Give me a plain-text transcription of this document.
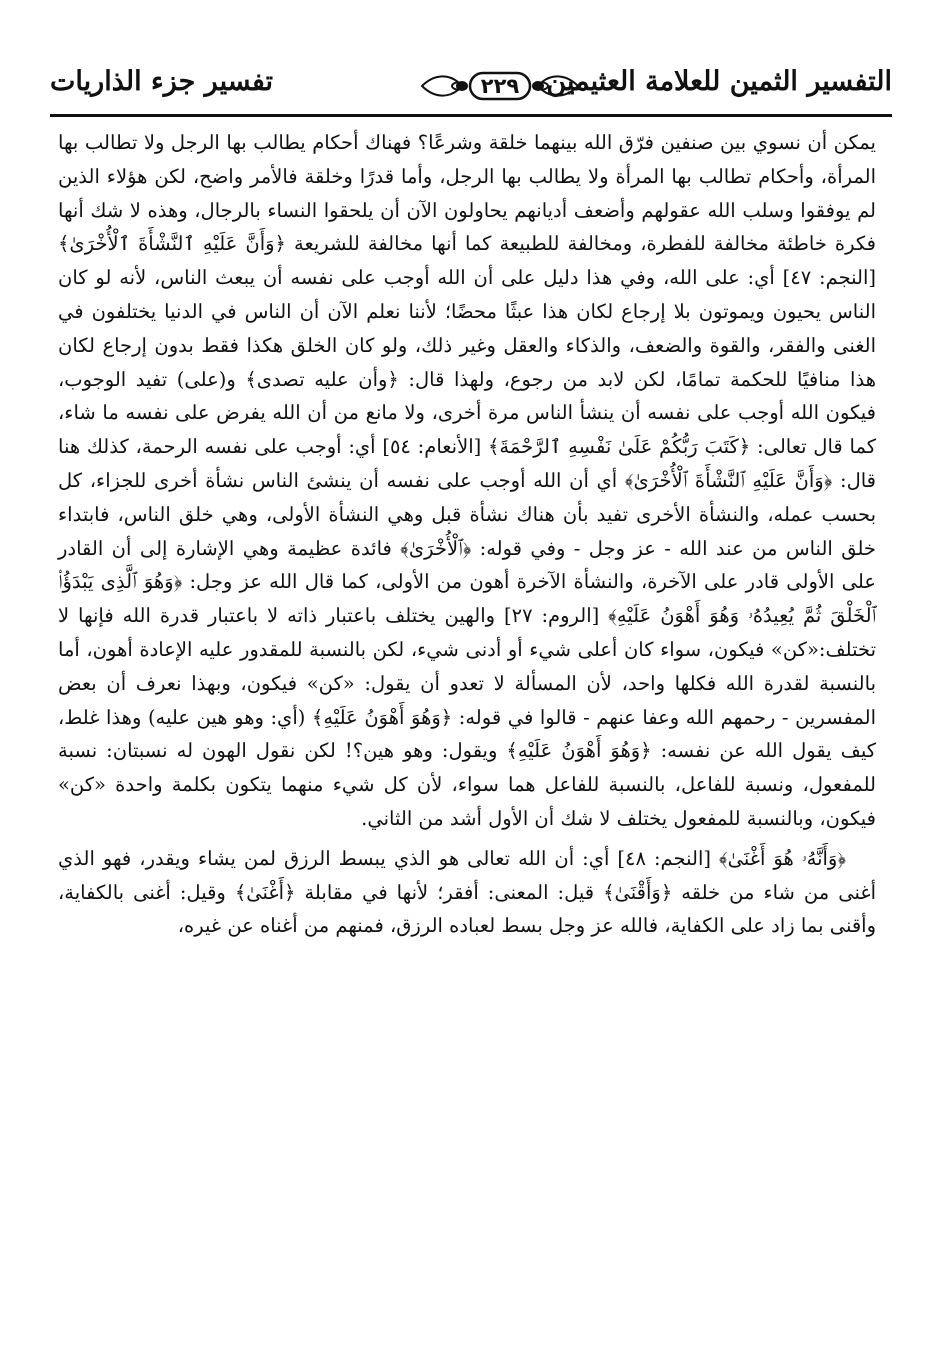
التفسير الثمين للعلامة العثيمين
٢٢٩
تفسير جزء الذاريات

يمكن أن نسوي بين صنفين فرّق الله بينهما خلقة وشرعًا؟ فهناك أحكام يطالب بها الرجل ولا تطالب بها المرأة، وأحكام تطالب بها المرأة ولا يطالب بها الرجل، وأما قدرًا وخلقة فالأمر واضح، لكن هؤلاء الذين لم يوفقوا وسلب الله عقولهم وأضعف أديانهم يحاولون الآن أن يلحقوا النساء بالرجال، وهذه لا شك أنها فكرة خاطئة مخالفة للفطرة، ومخالفة للطبيعة كما أنها مخالفة للشريعة ﴿وَأَنَّ عَلَيْهِ ٱلنَّشْأَةَ ٱلْأُخْرَىٰ﴾ [النجم: ٤٧] أي: على الله، وفي هذا دليل على أن الله أوجب على نفسه أن يبعث الناس، لأنه لو كان الناس يحيون ويموتون بلا إرجاع لكان هذا عبثًا محضًا؛ لأننا نعلم الآن أن الناس في الدنيا يختلفون في الغنى والفقر، والقوة والضعف، والذكاء والعقل وغير ذلك، ولو كان الخلق هكذا فقط بدون إرجاع لكان هذا منافيًا للحكمة تمامًا، لكن لابد من رجوع، ولهذا قال: ﴿وأن عليه تصدى﴾ و(على) تفيد الوجوب، فيكون الله أوجب على نفسه أن ينشأ الناس مرة أخرى، ولا مانع من أن الله يفرض على نفسه ما شاء، كما قال تعالى: ﴿كَتَبَ رَبُّكُمْ عَلَىٰ نَفْسِهِ ٱلرَّحْمَةَ﴾ [الأنعام: ٥٤] أي: أوجب على نفسه الرحمة، كذلك هنا قال: ﴿وَأَنَّ عَلَيْهِ ٱلنَّشْأَةَ ٱلْأُخْرَىٰ﴾ أي أن الله أوجب على نفسه أن ينشئ الناس نشأة أخرى للجزاء، كل بحسب عمله، والنشأة الأخرى تفيد بأن هناك نشأة قبل وهي النشأة الأولى، وهي خلق الناس، فابتداء خلق الناس من عند الله - عز وجل - وفي قوله: ﴿ٱلْأُخْرَىٰ﴾ فائدة عظيمة وهي الإشارة إلى أن القادر على الأولى قادر على الآخرة، والنشأة الآخرة أهون من الأولى، كما قال الله عز وجل: ﴿وَهُوَ ٱلَّذِى يَبْدَؤُا۟ ٱلْخَلْقَ ثُمَّ يُعِيدُهُۥ وَهُوَ أَهْوَنُ عَلَيْهِ﴾ [الروم: ٢٧] والهين يختلف باعتبار ذاته لا باعتبار قدرة الله فإنها لا تختلف:«كن» فيكون، سواء كان أعلى شيء أو أدنى شيء، لكن بالنسبة للمقدور عليه الإعادة أهون، أما بالنسبة لقدرة الله فكلها واحد، لأن المسألة لا تعدو أن يقول: «كن» فيكون، وبهذا نعرف أن بعض المفسرين - رحمهم الله وعفا عنهم - قالوا في قوله: ﴿وَهُوَ أَهْوَنُ عَلَيْهِ﴾ (أي: وهو هين عليه) وهذا غلط، كيف يقول الله عن نفسه: ﴿وَهُوَ أَهْوَنُ عَلَيْهِ﴾ ويقول: وهو هين؟! لكن نقول الهون له نسبتان: نسبة للمفعول، ونسبة للفاعل، بالنسبة للفاعل هما سواء، لأن كل شيء منهما يتكون بكلمة واحدة «كن» فيكون، وبالنسبة للمفعول يختلف لا شك أن الأول أشد من الثاني.

﴿وَأَنَّهُۥ هُوَ أَغْنَىٰ﴾ [النجم: ٤٨] أي: أن الله تعالى هو الذي يبسط الرزق لمن يشاء ويقدر، فهو الذي أغنى من شاء من خلقه ﴿وَأَقْنَىٰ﴾ قيل: المعنى: أفقر؛ لأنها في مقابلة ﴿أَغْنَىٰ﴾ وقيل: أغنى بالكفاية، وأقنى بما زاد على الكفاية، فالله عز وجل بسط لعباده الرزق، فمنهم من أغناه عن غيره،
